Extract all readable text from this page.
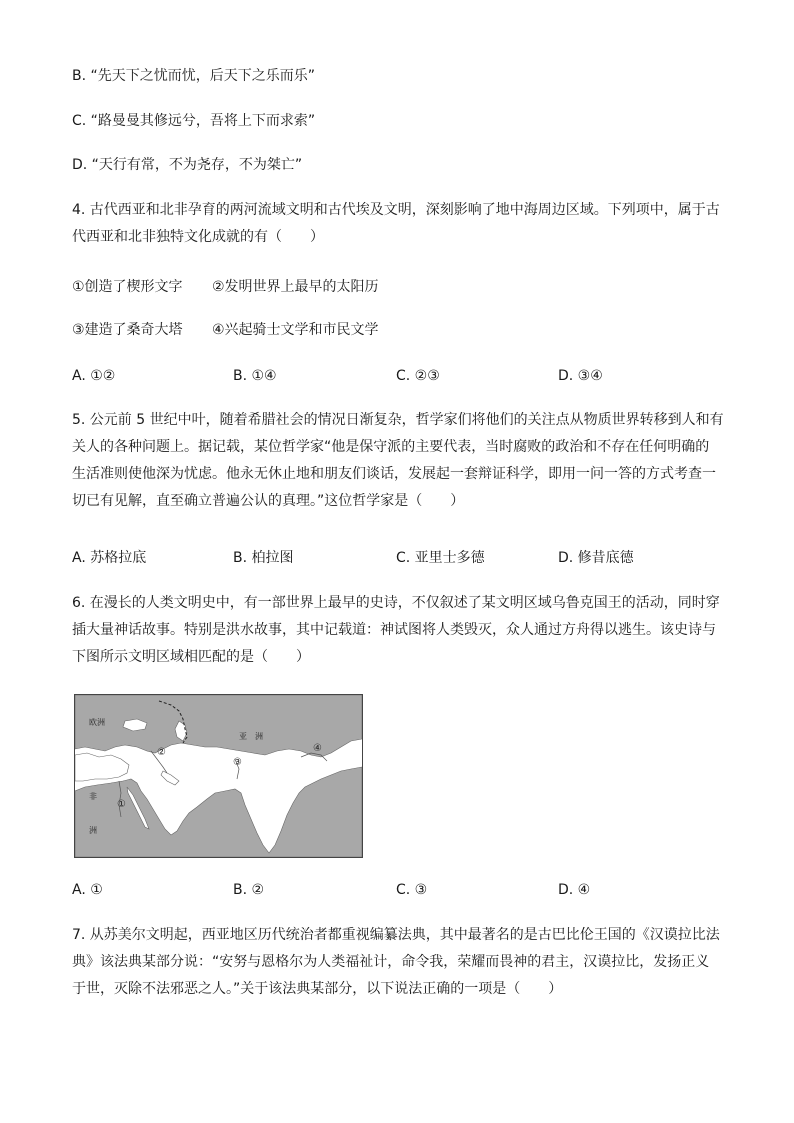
B. “先天下之忧而忧，后天下之乐而乐”
C. “路曼曼其修远兮，吾将上下而求索”
D. “天行有常，不为尧存，不为桀亡”
4. 古代西亚和北非孕育的两河流域文明和古代埃及文明，深刻影响了地中海周边区域。下列项中，属于古
代西亚和北非独特文化成就的有（　　）
①创造了楔形文字 ②发明世界上最早的太阳历
③建造了桑奇大塔 ④兴起骑士文学和市民文学
A. ①②	B. ①④	C. ②③	D. ③④
5. 公元前 5 世纪中叶，随着希腊社会的情况日渐复杂，哲学家们将他们的关注点从物质世界转移到人和有
关人的各种问题上。据记载，某位哲学家“他是保守派的主要代表，当时腐败的政治和不存在任何明确的
生活准则使他深为忧虑。他永无休止地和朋友们谈话，发展起一套辩证科学，即用一问一答的方式考查一
切已有见解，直至确立普遍公认的真理。”这位哲学家是（　　）
A. 苏格拉底	B. 柏拉图	C. 亚里士多德	D. 修昔底德
6. 在漫长的人类文明史中，有一部世界上最早的史诗，不仅叙述了某文明区域乌鲁克国王的活动，同时穿
插大量神话故事。特别是洪水故事，其中记载道：神试图将人类毁灭，众人通过方舟得以逃生。该史诗与
下图所示文明区域相匹配的是（　　）
欧洲
亚　洲
非
洲
①
②
③
④
A. ①	B. ②	C. ③	D. ④
7. 从苏美尔文明起，西亚地区历代统治者都重视编纂法典，其中最著名的是古巴比伦王国的《汉谟拉比法
典》该法典某部分说：“安努与恩格尔为人类福祉计，命令我，荣耀而畏神的君主，汉谟拉比，发扬正义
于世，灭除不法邪恶之人。”关于该法典某部分，以下说法正确的一项是（　　）
